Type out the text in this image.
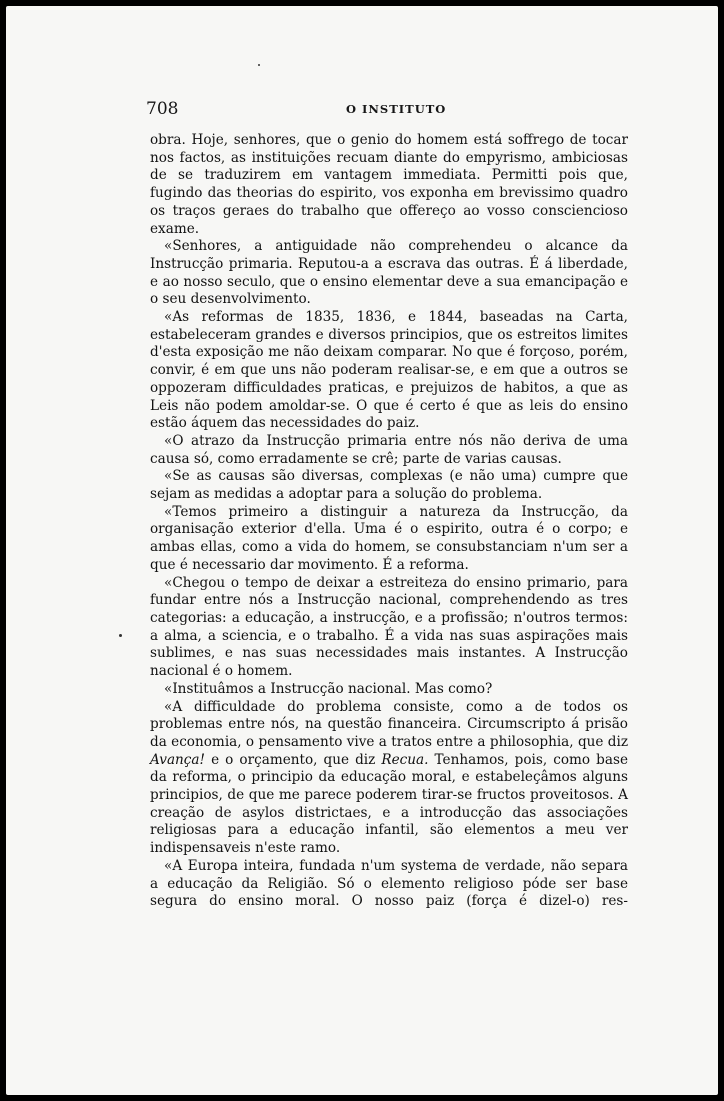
708	O INSTITUTO

obra. Hoje, senhores, que o genio do homem está soffrego de tocar nos factos, as instituições recuam diante do empyrismo, ambiciosas de se traduzirem em vantagem immediata. Permitti pois que, fugindo das theorias do espirito, vos exponha em brevissimo quadro os traços geraes do trabalho que offereço ao vosso consciencioso exame.

«Senhores, a antiguidade não comprehendeu o alcance da Instrucção primaria. Reputou-a a escrava das outras. É á liberdade, e ao nosso seculo, que o ensino elementar deve a sua emancipação e o seu desenvolvimento.

«As reformas de 1835, 1836, e 1844, baseadas na Carta, estabeleceram grandes e diversos principios, que os estreitos limites d'esta exposição me não deixam comparar. No que é forçoso, porém, convir, é em que uns não poderam realisar-se, e em que a outros se oppozeram difficuldades praticas, e prejuizos de habitos, a que as Leis não podem amoldar-se. O que é certo é que as leis do ensino estão áquem das necessidades do paiz.

«O atrazo da Instrucção primaria entre nós não deriva de uma causa só, como erradamente se crê; parte de varias causas.

«Se as causas são diversas, complexas (e não uma) cumpre que sejam as medidas a adoptar para a solução do problema.

«Temos primeiro a distinguir a natureza da Instrucção, da organisação exterior d'ella. Uma é o espirito, outra é o corpo; e ambas ellas, como a vida do homem, se consubstanciam n'um ser a que é necessario dar movimento. É a reforma.

«Chegou o tempo de deixar a estreiteza do ensino primario, para fundar entre nós a Instrucção nacional, comprehendendo as tres categorias: a educação, a instrucção, e a profissão; n'outros termos: a alma, a sciencia, e o trabalho. É a vida nas suas aspirações mais sublimes, e nas suas necessidades mais instantes. A Instrucção nacional é o homem.

«Instituâmos a Instrucção nacional. Mas como?

«A difficuldade do problema consiste, como a de todos os problemas entre nós, na questão financeira. Circumscripto á prisão da economia, o pensamento vive a tratos entre a philosophia, que diz Avança! e o orçamento, que diz Recua. Tenhamos, pois, como base da reforma, o principio da educação moral, e estabeleçâmos alguns principios, de que me parece poderem tirar-se fructos proveitosos. A creação de asylos districtaes, e a introducção das associações religiosas para a educação infantil, são elementos a meu ver indispensaveis n'este ramo.

«A Europa inteira, fundada n'um systema de verdade, não separa a educação da Religião. Só o elemento religioso póde ser base segura do ensino moral. O nosso paiz (força é dizel-o) res-
